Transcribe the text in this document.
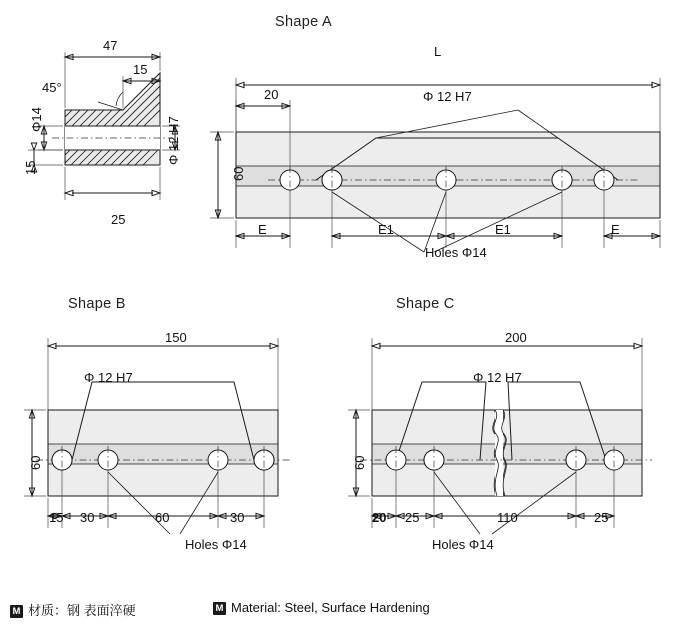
47
15
45°
Φ14	Φ 12 H7
15
25
Shape A
L
60
20	Φ 12 H7
E	E1	E1	E
Holes Φ14
Shape B
150
60
Φ 12 H7
15 30	60	30
Holes Φ14
Shape C
200
60
Φ 12 H7
20 25	110	25
Holes Φ14
M 材质：钢 表面淬硬	M Material: Steel, Surface Hardening
